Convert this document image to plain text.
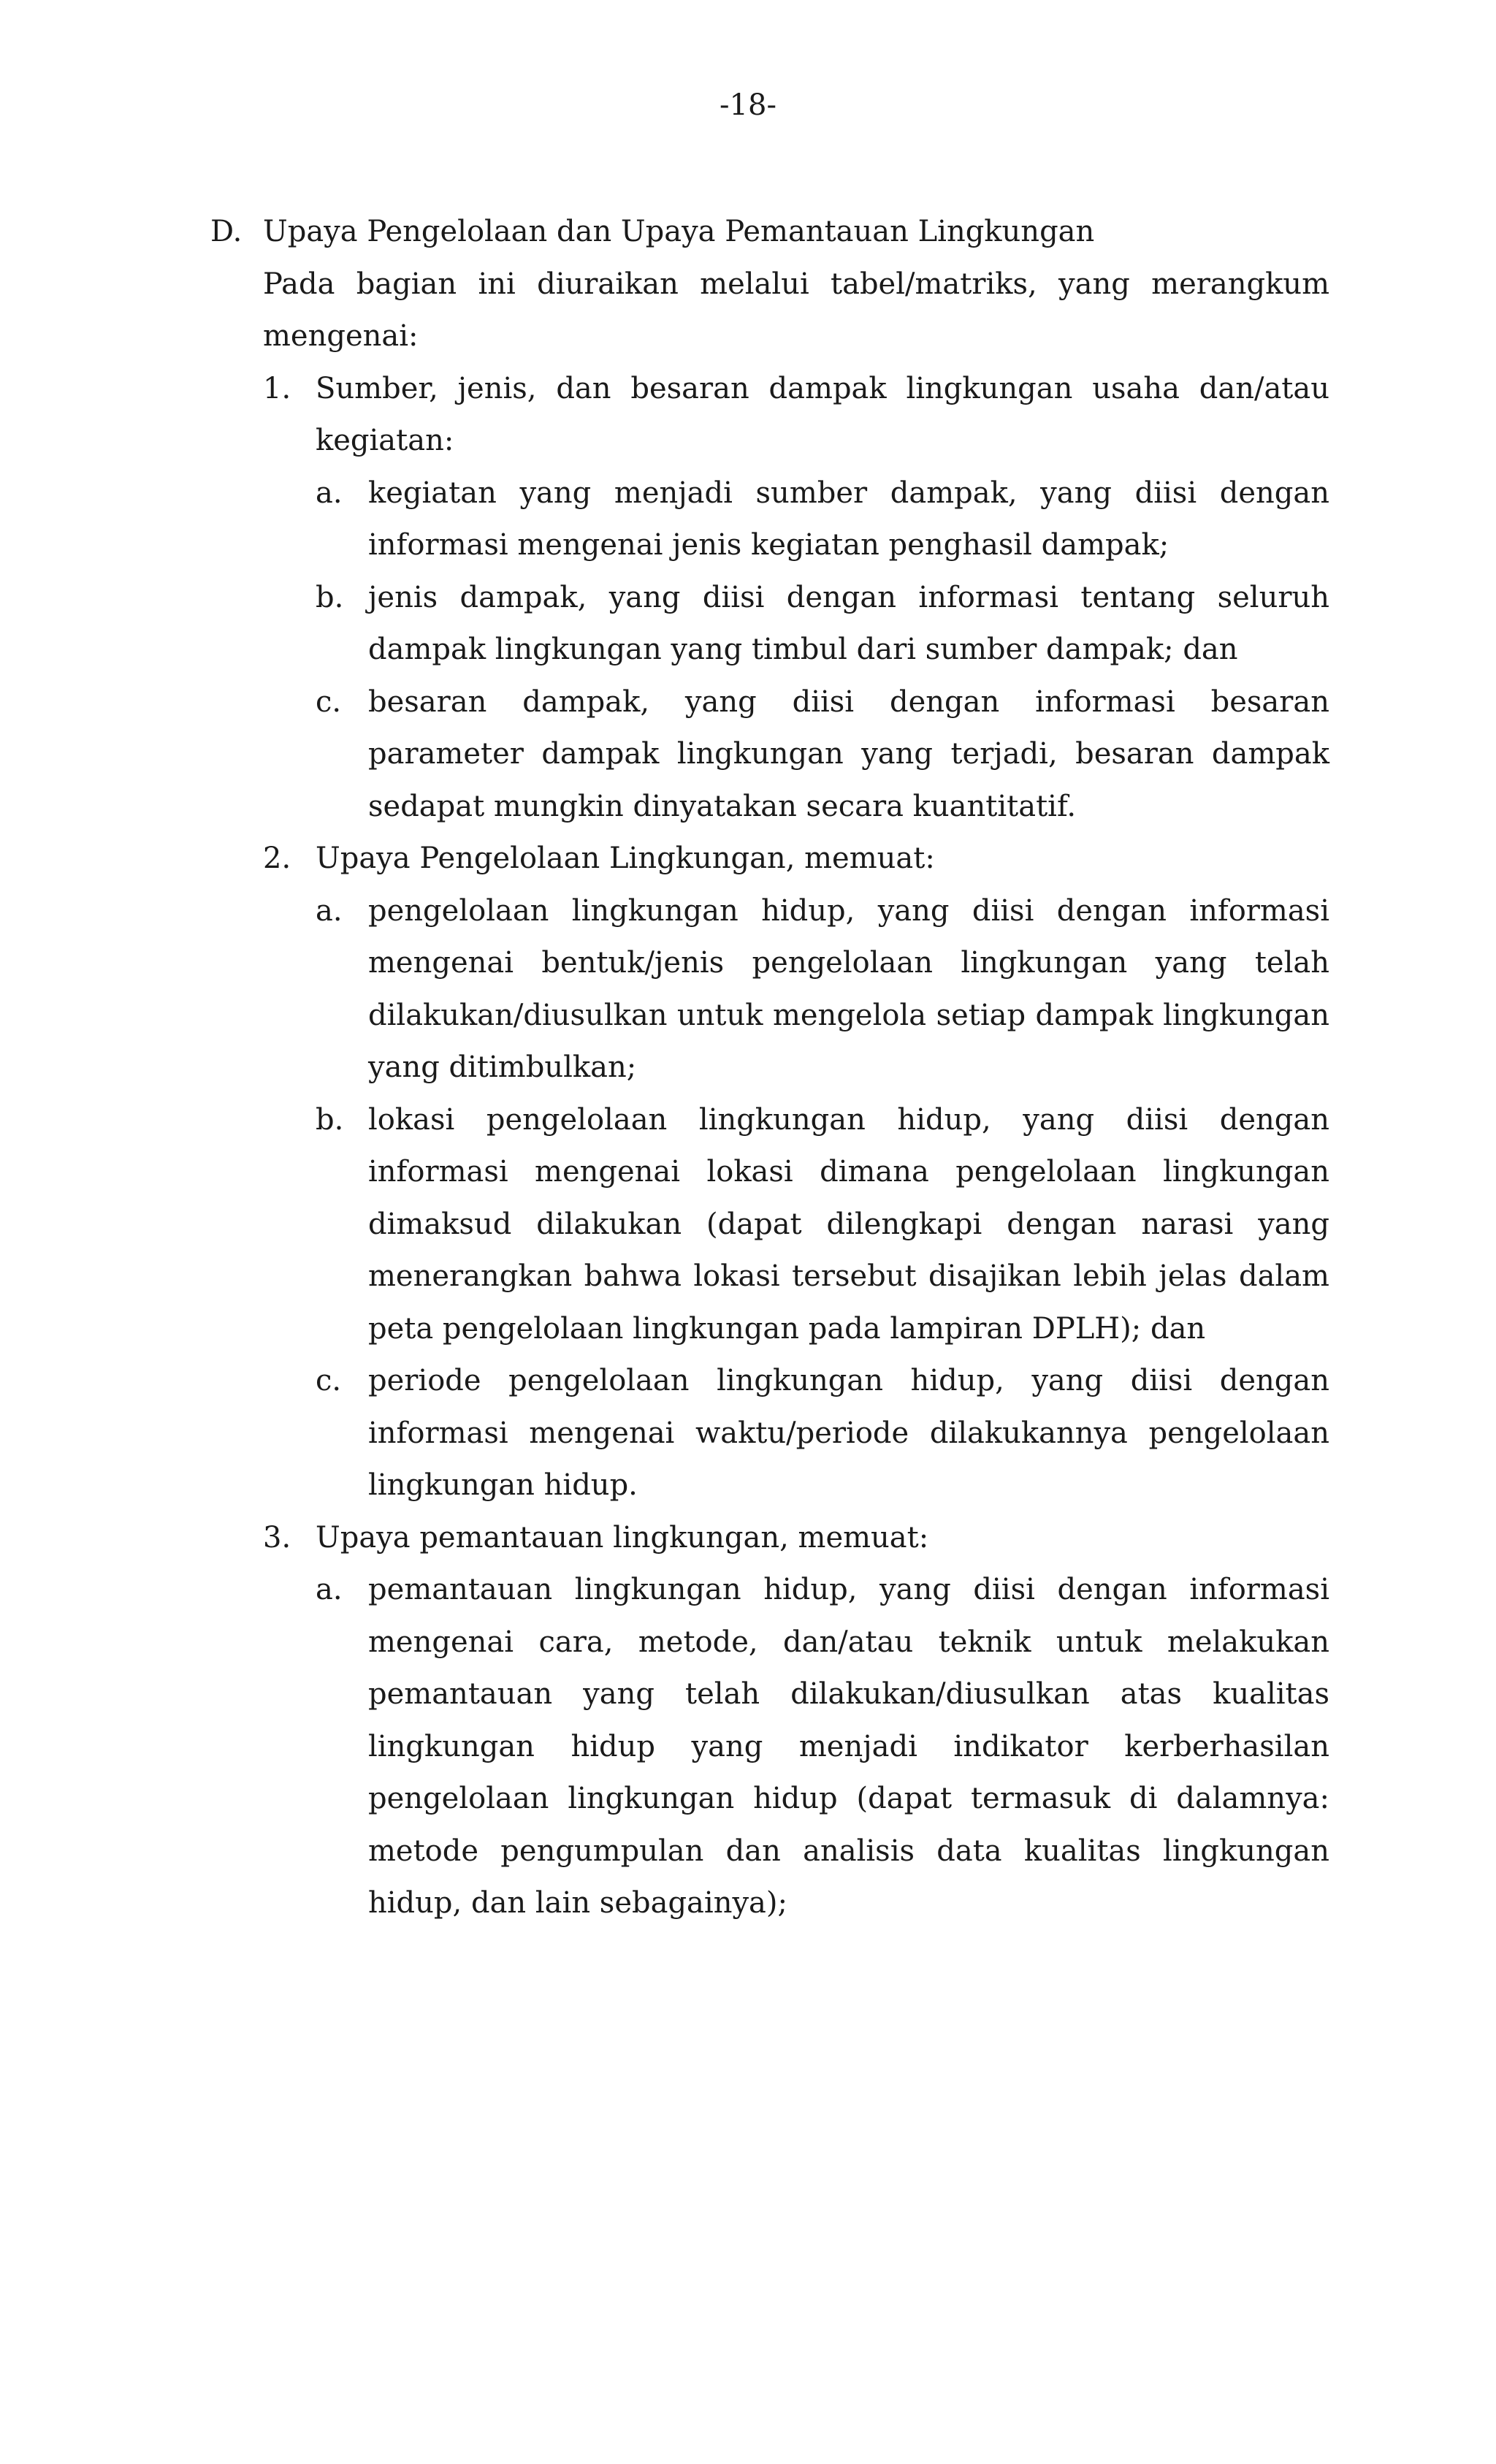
-18-
D. Upaya Pengelolaan dan Upaya Pemantauan Lingkungan
Pada bagian ini diuraikan melalui tabel/matriks, yang merangkum mengenai:
1. Sumber, jenis, dan besaran dampak lingkungan usaha dan/atau kegiatan:
a. kegiatan yang menjadi sumber dampak, yang diisi dengan informasi mengenai jenis kegiatan penghasil dampak;
b. jenis dampak, yang diisi dengan informasi tentang seluruh dampak lingkungan yang timbul dari sumber dampak; dan
c. besaran dampak, yang diisi dengan informasi besaran parameter dampak lingkungan yang terjadi, besaran dampak sedapat mungkin dinyatakan secara kuantitatif.
2. Upaya Pengelolaan Lingkungan, memuat:
a. pengelolaan lingkungan hidup, yang diisi dengan informasi mengenai bentuk/jenis pengelolaan lingkungan yang telah dilakukan/diusulkan untuk mengelola setiap dampak lingkungan yang ditimbulkan;
b. lokasi pengelolaan lingkungan hidup, yang diisi dengan informasi mengenai lokasi dimana pengelolaan lingkungan dimaksud dilakukan (dapat dilengkapi dengan narasi yang menerangkan bahwa lokasi tersebut disajikan lebih jelas dalam peta pengelolaan lingkungan pada lampiran DPLH); dan
c. periode pengelolaan lingkungan hidup, yang diisi dengan informasi mengenai waktu/periode dilakukannya pengelolaan lingkungan hidup.
3. Upaya pemantauan lingkungan, memuat:
a. pemantauan lingkungan hidup, yang diisi dengan informasi mengenai cara, metode, dan/atau teknik untuk melakukan pemantauan yang telah dilakukan/diusulkan atas kualitas lingkungan hidup yang menjadi indikator kerberhasilan pengelolaan lingkungan hidup (dapat termasuk di dalamnya: metode pengumpulan dan analisis data kualitas lingkungan hidup, dan lain sebagainya);
